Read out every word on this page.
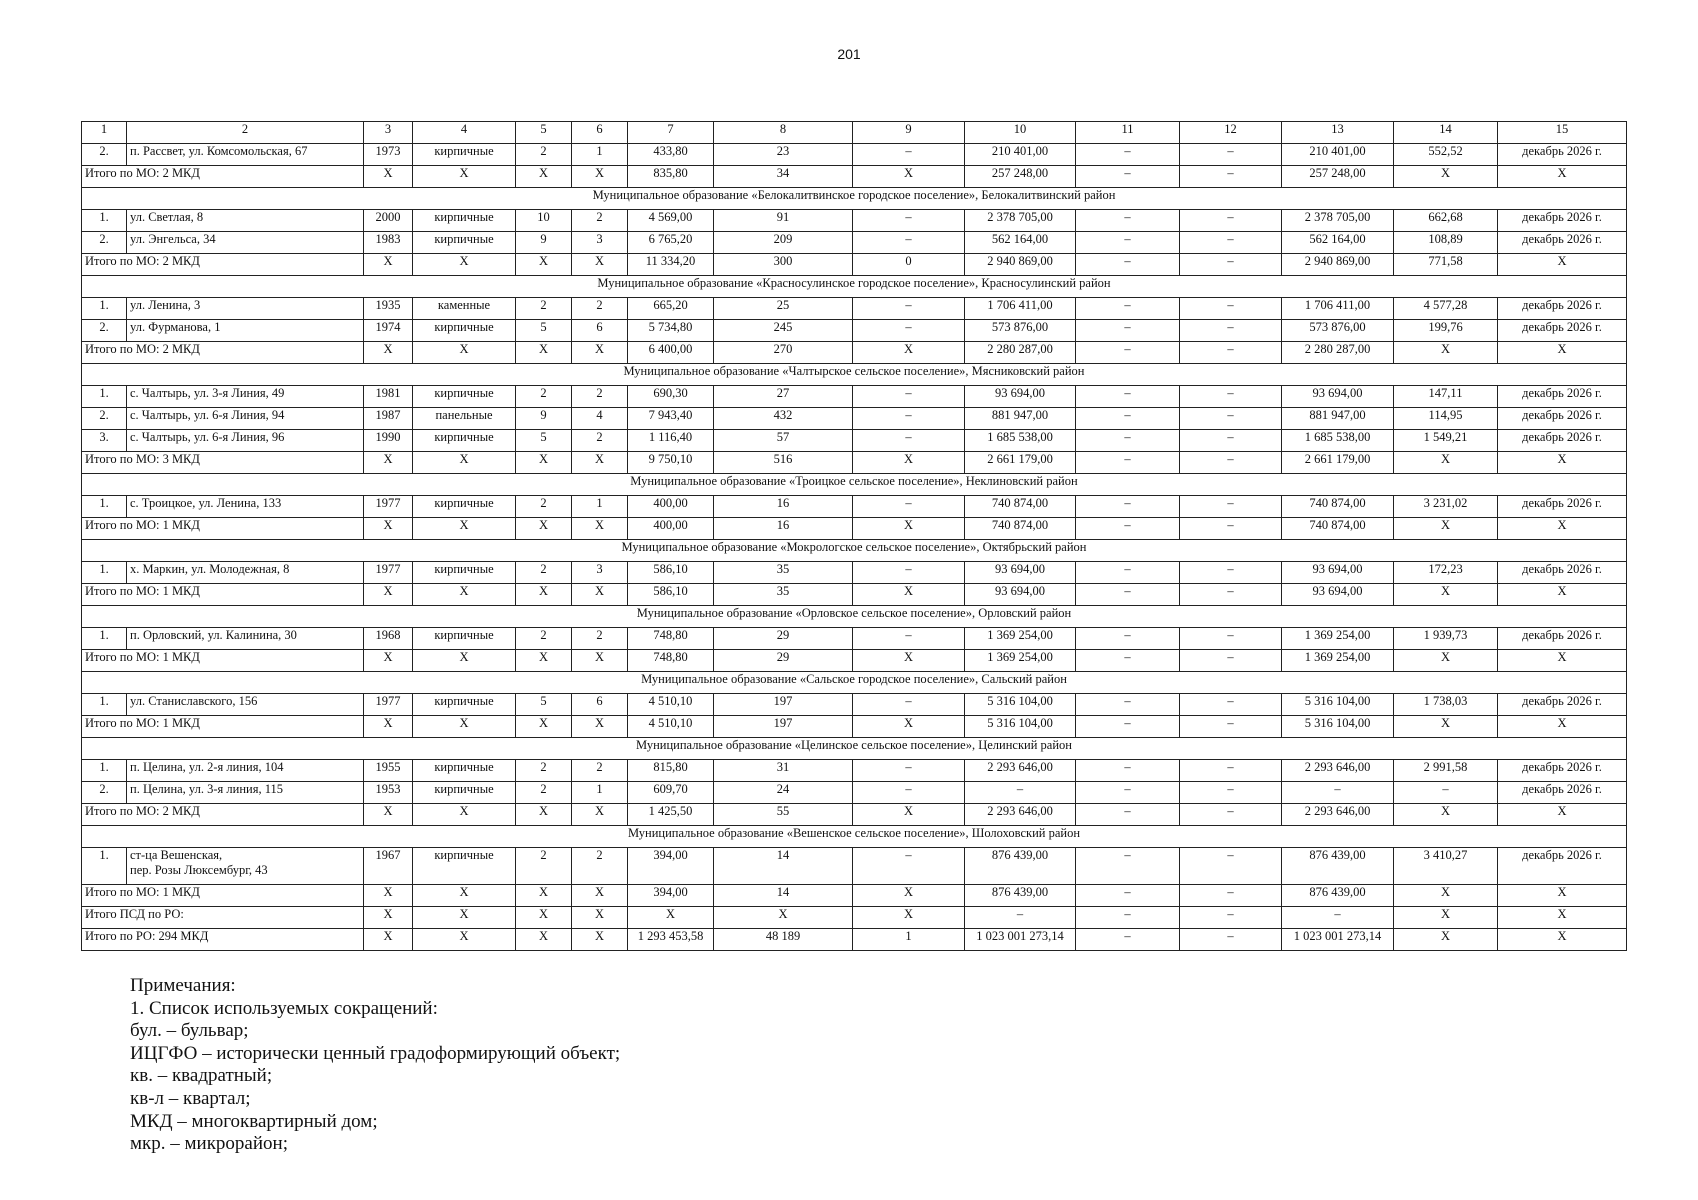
201
1	2	3	4	5	6	7	8	9	10	11	12	13	14	15
2.	п. Рассвет, ул. Комсомольская, 67	1973	кирпичные	2	1	433,80	23	–	210 401,00	–	–	210 401,00	552,52	декабрь 2026 г.
Итого по МО: 2 МКД		X	X	X	X	835,80	34	X	257 248,00	–	–	257 248,00	X	X
Муниципальное образование «Белокалитвинское городское поселение», Белокалитвинский район														
1.	ул. Светлая, 8	2000	кирпичные	10	2	4 569,00	91	–	2 378 705,00	–	–	2 378 705,00	662,68	декабрь 2026 г.
2.	ул. Энгельса, 34	1983	кирпичные	9	3	6 765,20	209	–	562 164,00	–	–	562 164,00	108,89	декабрь 2026 г.
Итого по МО: 2 МКД		X	X	X	X	11 334,20	300	0	2 940 869,00	–	–	2 940 869,00	771,58	X
Муниципальное образование «Красносулинское городское поселение», Красносулинский район														
1.	ул. Ленина, 3	1935	каменные	2	2	665,20	25	–	1 706 411,00	–	–	1 706 411,00	4 577,28	декабрь 2026 г.
2.	ул. Фурманова, 1	1974	кирпичные	5	6	5 734,80	245	–	573 876,00	–	–	573 876,00	199,76	декабрь 2026 г.
Итого по МО: 2 МКД		X	X	X	X	6 400,00	270	X	2 280 287,00	–	–	2 280 287,00	X	X
Муниципальное образование «Чалтырское сельское поселение», Мясниковский район														
1.	с. Чалтырь, ул. 3-я Линия, 49	1981	кирпичные	2	2	690,30	27	–	93 694,00	–	–	93 694,00	147,11	декабрь 2026 г.
2.	с. Чалтырь, ул. 6-я Линия, 94	1987	панельные	9	4	7 943,40	432	–	881 947,00	–	–	881 947,00	114,95	декабрь 2026 г.
3.	с. Чалтырь, ул. 6-я Линия, 96	1990	кирпичные	5	2	1 116,40	57	–	1 685 538,00	–	–	1 685 538,00	1 549,21	декабрь 2026 г.
Итого по МО: 3 МКД		X	X	X	X	9 750,10	516	X	2 661 179,00	–	–	2 661 179,00	X	X
Муниципальное образование «Троицкое сельское поселение», Неклиновский район														
1.	с. Троицкое, ул. Ленина, 133	1977	кирпичные	2	1	400,00	16	–	740 874,00	–	–	740 874,00	3 231,02	декабрь 2026 г.
Итого по МО: 1 МКД		X	X	X	X	400,00	16	X	740 874,00	–	–	740 874,00	X	X
Муниципальное образование «Мокрологское сельское поселение», Октябрьский район														
1.	х. Маркин, ул. Молодежная, 8	1977	кирпичные	2	3	586,10	35	–	93 694,00	–	–	93 694,00	172,23	декабрь 2026 г.
Итого по МО: 1 МКД		X	X	X	X	586,10	35	X	93 694,00	–	–	93 694,00	X	X
Муниципальное образование «Орловское сельское поселение», Орловский район														
1.	п. Орловский, ул. Калинина, 30	1968	кирпичные	2	2	748,80	29	–	1 369 254,00	–	–	1 369 254,00	1 939,73	декабрь 2026 г.
Итого по МО: 1 МКД		X	X	X	X	748,80	29	X	1 369 254,00	–	–	1 369 254,00	X	X
Муниципальное образование «Сальское городское поселение», Сальский район														
1.	ул. Станиславского, 156	1977	кирпичные	5	6	4 510,10	197	–	5 316 104,00	–	–	5 316 104,00	1 738,03	декабрь 2026 г.
Итого по МО: 1 МКД		X	X	X	X	4 510,10	197	X	5 316 104,00	–	–	5 316 104,00	X	X
Муниципальное образование «Целинское сельское поселение», Целинский район														
1.	п. Целина, ул. 2-я линия, 104	1955	кирпичные	2	2	815,80	31	–	2 293 646,00	–	–	2 293 646,00	2 991,58	декабрь 2026 г.
2.	п. Целина, ул. 3-я линия, 115	1953	кирпичные	2	1	609,70	24	–	–	–	–	–	–	декабрь 2026 г.
Итого по МО: 2 МКД		X	X	X	X	1 425,50	55	X	2 293 646,00	–	–	2 293 646,00	X	X
Муниципальное образование «Вешенское сельское поселение», Шолоховский район														
1.	ст-ца Вешенская,
пер. Розы Люксембург, 43	1967	кирпичные	2	2	394,00	14	–	876 439,00	–	–	876 439,00	3 410,27	декабрь 2026 г.
Итого по МО: 1 МКД		X	X	X	X	394,00	14	X	876 439,00	–	–	876 439,00	X	X
Итого ПСД по РО:		X	X	X	X	X	X	X	–	–	–	–	X	X
Итого по РО: 294 МКД		X	X	X	X	1 293 453,58	48 189	1	1 023 001 273,14	–	–	1 023 001 273,14	X	X
Примечания:
1. Список используемых сокращений:
бул. – бульвар;
ИЦГФО – исторически ценный градоформирующий объект;
кв. – квадратный;
кв-л – квартал;
МКД – многоквартирный дом;
мкр. – микрорайон;
